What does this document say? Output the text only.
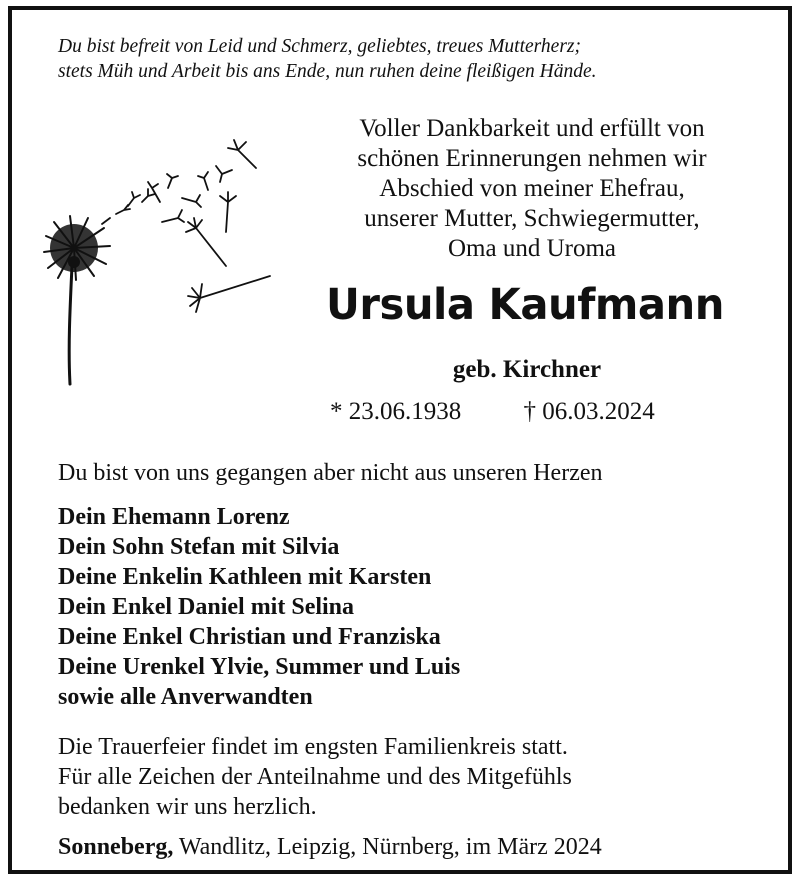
Du bist befreit von Leid und Schmerz, geliebtes, treues Mutterherz;
stets Müh und Arbeit bis ans Ende, nun ruhen deine fleißigen Hände.
Voller Dankbarkeit und erfüllt von
schönen Erinnerungen nehmen wir
Abschied von meiner Ehefrau,
unserer Mutter, Schwiegermutter,
Oma und Uroma
Ursula Kaufmann
geb. Kirchner
* 23.06.1938 † 06.03.2024
Du bist von uns gegangen aber nicht aus unseren Herzen
Dein Ehemann Lorenz
Dein Sohn Stefan mit Silvia
Deine Enkelin Kathleen mit Karsten
Dein Enkel Daniel mit Selina
Deine Enkel Christian und Franziska
Deine Urenkel Ylvie, Summer und Luis
sowie alle Anverwandten
Die Trauerfeier findet im engsten Familienkreis statt.
Für alle Zeichen der Anteilnahme und des Mitgefühls
bedanken wir uns herzlich.
Sonneberg, Wandlitz, Leipzig, Nürnberg, im März 2024
